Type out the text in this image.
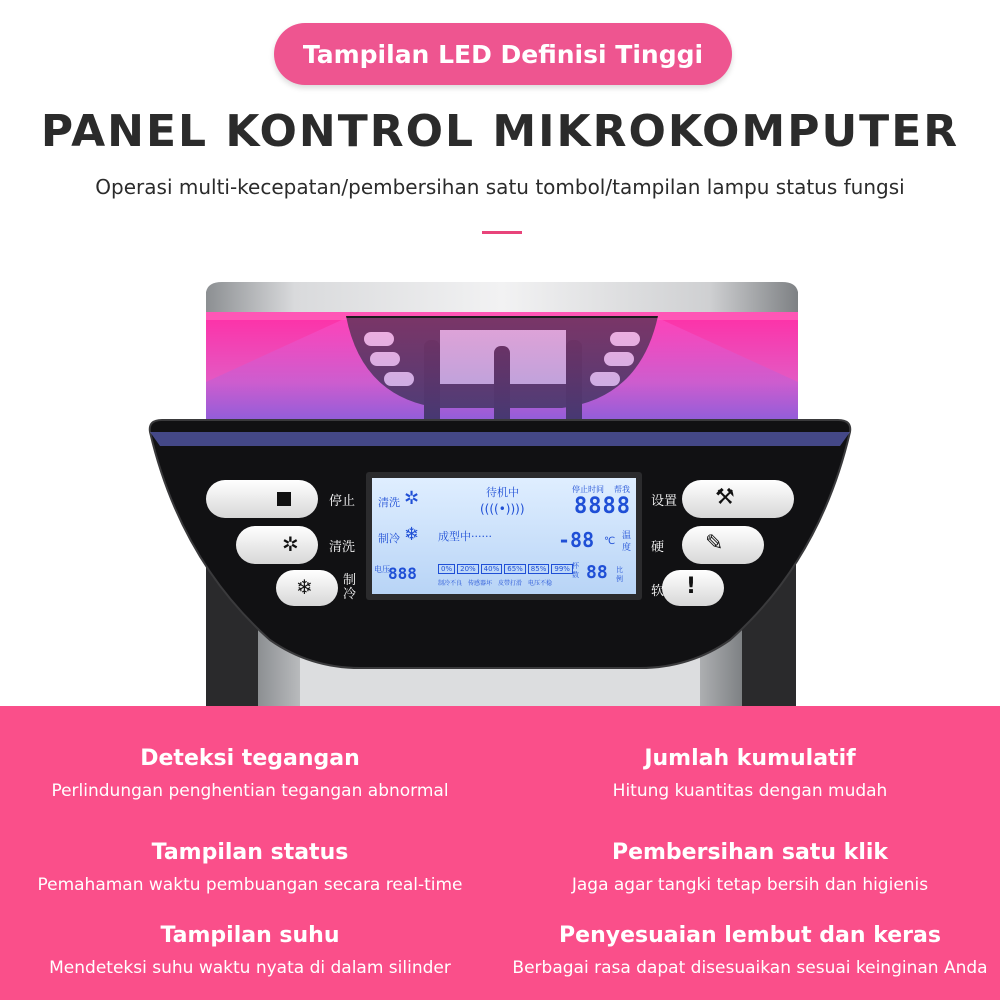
Tampilan LED Definisi Tinggi
PANEL KONTROL MIKROKOMPUTER
Operasi multi-kecepatan/pembersihan satu tombol/tampilan lampu status fungsi
✲
❄
⚒
✎
!
停止
清洗
制冷
设置
硬
软
清洗 ✲	待机中	停止时间 帮我
8888
((((•))))
制冷 ❄ 成型中······	-88 ℃ 温
度
0%	20%	40%	65%	85%	99%
电压
888
制冷不良 传感器坏 皮带打滑 电压不稳
杯数 88 比例
Deteksi tegangan
Perlindungan penghentian tegangan abnormal
Jumlah kumulatif
Hitung kuantitas dengan mudah
Tampilan status
Pemahaman waktu pembuangan secara real-time
Pembersihan satu klik
Jaga agar tangki tetap bersih dan higienis
Tampilan suhu
Mendeteksi suhu waktu nyata di dalam silinder
Penyesuaian lembut dan keras
Berbagai rasa dapat disesuaikan sesuai keinginan Anda
